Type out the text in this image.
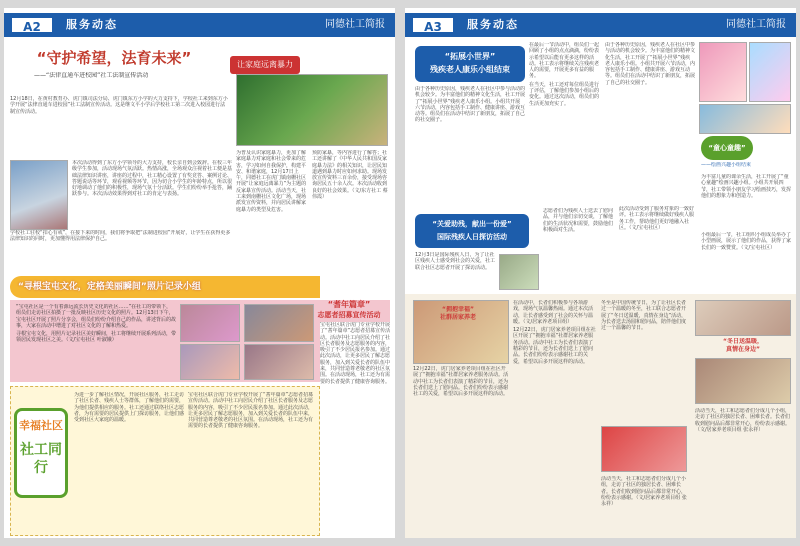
A2	服务动态	同德社工简报
“守护希望，法育未来”
——“法律直通车进校园”社工法制宣传活动
让家庭远离暴力

12月18日，在黄村教育办、虎门镇司法分局、虎门镇东方小学的大力支持下，学校社工来到东方小学开展“法律直通车进校园”社工法制宣传活动。这是继文平小学后学校社工第二次进入校园进行法制宣传活动。

本次活动得到了东方小学领导的大力支持，校长亲自到会致辞。在校三年级学生参加，活动现场气氛活跃。热情高涨，全场观众注视着社工便是基础法律知识讲座，讲座的过程中，社工精心设置了有奖竞答、案例讨论、答题说话等环节，观看视频等环节，因为切合小学生的年龄特点，所以很好地调动了他们的积极性，现场气氛十分活跃。学生们纷纷举手抢答，踊跃参与。本次活动效果得到对社工的肯定与表扬。

学校社工驻校“扣心有戒”，在接下来的时间，我们将争取把“法制进校园”开展好，让学生在获得更多法律知识的同时，更加懂得用法律保护自己。

为普及认识家庭暴力，更加了解家庭暴力对家庭和社会带来的危害，学习如何自我保护，构建平安、和谐家庭，12月17日上午，同德社工在虎门镇南栅社区开展“让家庭远离暴力”为主题的反家暴宣传活动。活动当天，社工来到南栅社区文化广场，现场派发宣传资料，并向居民讲解家庭暴力的类型及危害。
预防家暴，等内容进行了解答；社工还讲解了《中华人民共和国反家庭暴力法》的相关知识，让居民知道遇到暴力时应如何求助。现场发放宣传资料三百余份，接受现场咨询居民五十余人次。本次活动收到良好的社会效果。（文/东方社工 蔡伟霞）
“寻根宝屯文化，定格美丽瞬间”照片记录小组

“宝屯社区是一个有着源远流长历史文化的社区……”在社工的带领下，组员们走访社区拍摄了一批反映社区历史文化的照片。12月13日下午，宝屯社区开展了照片分享会，组员们纷纷介绍自己的作品，讲述背后的故事，大家在活动中增进了对社区文化的了解和热爱。

寻根宝屯文化，用照片记录社区美好瞬间，社工将继续开展系列活动，带领居民发现社区之美。（文/宝屯社区 叶淑娥）

“耆年篇章”
志愿者招募宣传活动
宝屯社区联合虎门专业学校开展了“耆年篇章”志愿者招募宣传活动。活动中社工向居民介绍了社区长者服务及志愿服务的内容，吸引了不少居民报名参加。通过此次活动，让更多居民了解志愿服务，加入到关爱长者的队伍中来，共同营造尊老敬老的社区氛围。在活动现场，社工还为有需要的长者提供了健康咨询服务。
幸福社区
社工同行
为进一步了解社区情况，开展社区服务，社工走访了社区长者、残疾人士等群体，了解他们的需要，为他们提供相应的服务。社工还通过联络社区志愿者，为有需要的居民提供上门探访服务，让他们感受到社区大家庭的温暖。
宝屯社区联合虎门专业学校开展了“耆年篇章”志愿者招募宣传活动。活动中社工向居民介绍了社区长者服务及志愿服务的内容，吸引了不少居民报名参加。通过此次活动，让更多居民了解志愿服务，加入到关爱长者的队伍中来，共同营造尊老敬老的社区氛围。在活动现场，社工还为有需要的长者提供了健康咨询服务。
A3	服务动态	同德社工简报
“拓展小世界”
残疾老人康乐小组结束
由于各种历史原因，残疾老人在社区中参与活动的机会较少。为丰富他们的精神文化生活，社工开展了“拓展小世界”残疾老人康乐小组。小组共开展六节活动，内容包括手工制作、健康讲座、游戏互动等。组员们在活动中结识了新朋友，拓展了自己的社交圈子。

在最后一节活动中，组员们一起回顾了小组的点点滴滴，纷纷表示希望以后能有更多这样的活动。社工表示将继续关注残疾老人的需要，开展更多有益的服务。

在当天，社工还对每位组员进行了评估，了解他们参加小组后的变化。通过这次活动，组员们的生活更加充实了。

由于各种历史原因，残疾老人在社区中参与活动的机会较少。为丰富他们的精神文化生活，社工开展了“拓展小世界”残疾老人康乐小组。小组共开展六节活动，内容包括手工制作、健康讲座、游戏互动等。组员们在活动中结识了新朋友，拓展了自己的社交圈子。
“关爱助残，献出一份爱”
国际残疾人日探访活动
12月3日是国际残疾人日，为了让社区残疾人士感受到社会的关爱，社工联合社区志愿者开展了探访活动。
志愿者们为残疾人士送去了慰问品，并与他们亲切交谈，了解他们的生活状况和需要，鼓励他们积极面对生活。
此次活动受到了服务对象的一致好评。社工表示将继续做好残疾人服务工作，帮助他们更好地融入社区。（文/宝屯社区）
“童心童趣”
——绘画兴趣小组结束
为丰富儿童的课余生活，社工开展了“童心童趣”绘画兴趣小组。小组共开展四节，社工带领小朋友学习绘画技巧，发挥他们的想象力和创造力。
小组最后一节，社工组织小组成员举办了小型画展，展示了他们的作品，获得了家长们的一致赞赏。（文/宝屯社区）
“拥抱幸福”
社群居家养老
12月22日，虎门居家养老项目组在社区开展了“拥抱幸福”社群居家养老服务活动。活动中社工为长者们表演了精彩的节目，还为长者们送上了慰问品。长者们纷纷表示感谢社工的关爱，希望以后多开展这样的活动。

在活动中，长者们积极参与各项游戏，现场气氛温馨热闹。通过本次活动，让长者感受到了社会的关怀与温暖。（文/居家养老项目组）

12月22日，虎门居家养老项目组在社区开展了“拥抱幸福”社群居家养老服务活动。活动中社工为长者们表演了精彩的节目，还为长者们送上了慰问品。长者们纷纷表示感谢社工的关爱，希望以后多开展这样的活动。

冬至是中国传统节日，为了让社区长者过一个温暖的冬至，社工联合志愿者开展了“冬日送温暖，真情在身边”活动，为长者送去汤圆和慰问品，陪伴他们度过一个温馨的节日。
活动当天，社工和志愿者们分成几个小组，走访了社区的独居长者、困难长者。长者们收到慰问品后都非常开心，纷纷表示感谢。（文/居家养老项目组 张永祥）
“冬日送温暖，
真情在身边”
活动当天，社工和志愿者们分成几个小组，走访了社区的独居长者、困难长者。长者们收到慰问品后都非常开心，纷纷表示感谢。（文/居家养老项目组 张永祥）
